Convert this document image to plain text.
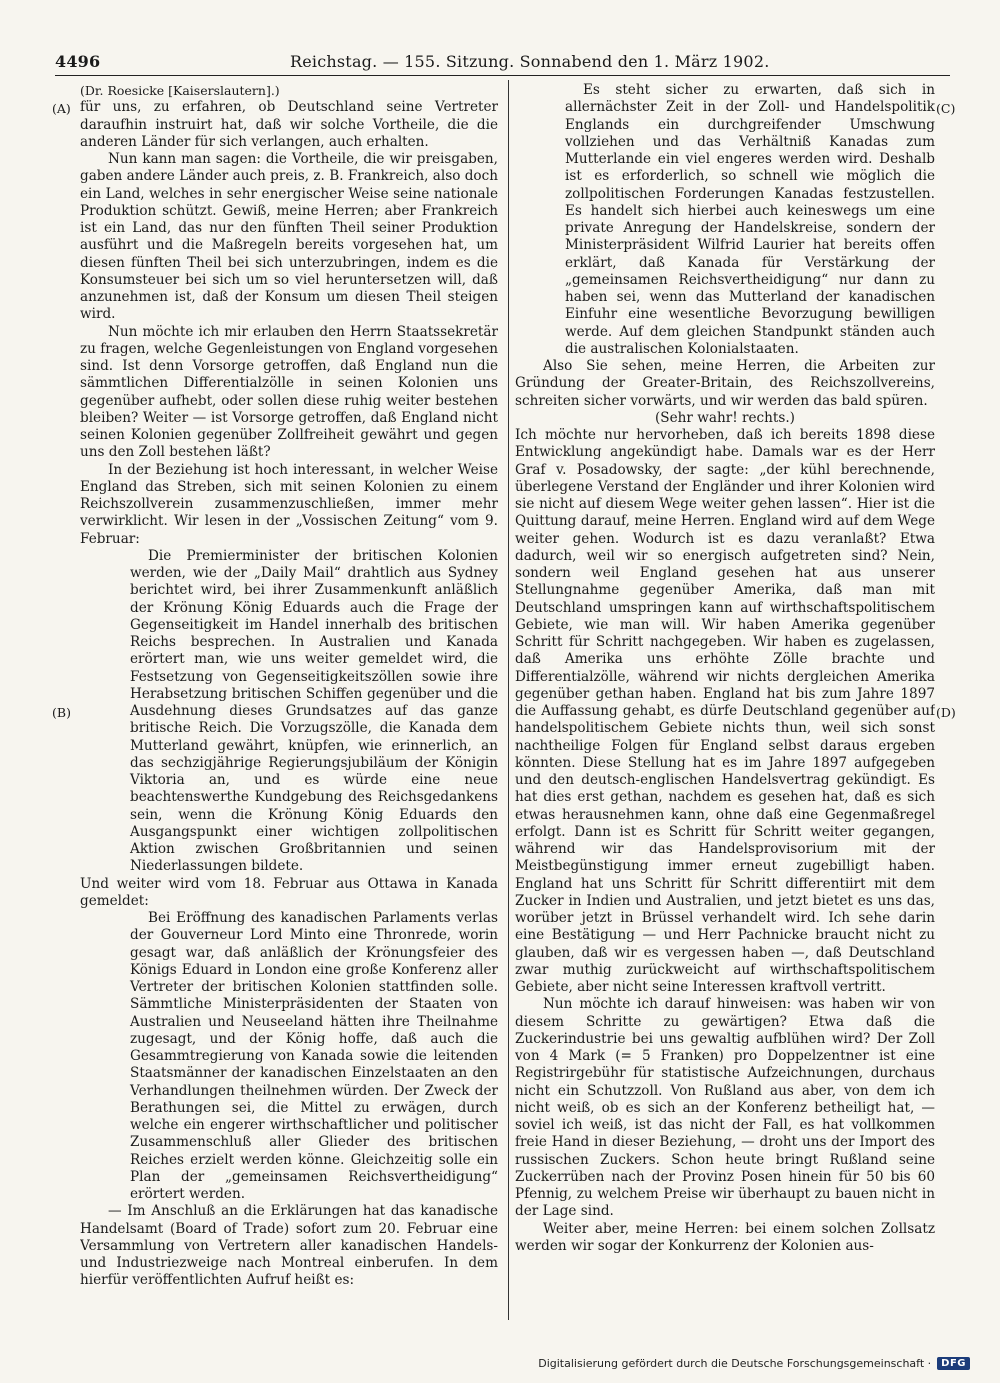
4496	Reichstag. — 155. Sitzung. Sonnabend den 1. März 1902.
(A)
(B)
(C)
(D)

(Dr. Roesicke [Kaiserslautern].)

für uns, zu erfahren, ob Deutschland seine Vertreter daraufhin instruirt hat, daß wir solche Vortheile, die die anderen Länder für sich verlangen, auch erhalten.

Nun kann man sagen: die Vortheile, die wir preisgaben, gaben andere Länder auch preis, z. B. Frankreich, also doch ein Land, welches in sehr energischer Weise seine nationale Produktion schützt. Gewiß, meine Herren; aber Frankreich ist ein Land, das nur den fünften Theil seiner Produktion ausführt und die Maßregeln bereits vorgesehen hat, um diesen fünften Theil bei sich unterzubringen, indem es die Konsumsteuer bei sich um so viel heruntersetzen will, daß anzunehmen ist, daß der Konsum um diesen Theil steigen wird.

Nun möchte ich mir erlauben den Herrn Staatssekretär zu fragen, welche Gegenleistungen von England vorgesehen sind. Ist denn Vorsorge getroffen, daß England nun die sämmtlichen Differentialzölle in seinen Kolonien uns gegenüber aufhebt, oder sollen diese ruhig weiter bestehen bleiben? Weiter — ist Vorsorge getroffen, daß England nicht seinen Kolonien gegenüber Zollfreiheit gewährt und gegen uns den Zoll bestehen läßt?

In der Beziehung ist hoch interessant, in welcher Weise England das Streben, sich mit seinen Kolonien zu einem Reichszollverein zusammenzuschließen, immer mehr verwirklicht. Wir lesen in der „Vossischen Zeitung“ vom 9. Februar:

Die Premierminister der britischen Kolonien werden, wie der „Daily Mail“ drahtlich aus Sydney berichtet wird, bei ihrer Zusammenkunft anläßlich der Krönung König Eduards auch die Frage der Gegenseitigkeit im Handel innerhalb des britischen Reichs besprechen. In Australien und Kanada erörtert man, wie uns weiter gemeldet wird, die Festsetzung von Gegenseitigkeitszöllen sowie ihre Herabsetzung britischen Schiffen gegenüber und die Ausdehnung dieses Grundsatzes auf das ganze britische Reich. Die Vorzugszölle, die Kanada dem Mutterland gewährt, knüpfen, wie erinnerlich, an das sechzigjährige Regierungsjubiläum der Königin Viktoria an, und es würde eine neue beachtenswerthe Kundgebung des Reichsgedankens sein, wenn die Krönung König Eduards den Ausgangspunkt einer wichtigen zollpolitischen Aktion zwischen Großbritannien und seinen Niederlassungen bildete.

Und weiter wird vom 18. Februar aus Ottawa in Kanada gemeldet:

Bei Eröffnung des kanadischen Parlaments verlas der Gouverneur Lord Minto eine Thronrede, worin gesagt war, daß anläßlich der Krönungsfeier des Königs Eduard in London eine große Konferenz aller Vertreter der britischen Kolonien stattfinden solle. Sämmtliche Ministerpräsidenten der Staaten von Australien und Neuseeland hätten ihre Theilnahme zugesagt, und der König hoffe, daß auch die Gesammtregierung von Kanada sowie die leitenden Staatsmänner der kanadischen Einzelstaaten an den Verhandlungen theilnehmen würden. Der Zweck der Berathungen sei, die Mittel zu erwägen, durch welche ein engerer wirthschaftlicher und politischer Zusammenschluß aller Glieder des britischen Reiches erzielt werden könne. Gleichzeitig solle ein Plan der „gemeinsamen Reichsvertheidigung“ erörtert werden.

— Im Anschluß an die Erklärungen hat das kanadische Handelsamt (Board of Trade) sofort zum 20. Februar eine Versammlung von Vertretern aller kanadischen Handels- und Industriezweige nach Montreal einberufen. In dem hierfür veröffentlichten Aufruf heißt es:

Es steht sicher zu erwarten, daß sich in allernächster Zeit in der Zoll- und Handelspolitik Englands ein durchgreifender Umschwung vollziehen und das Verhältniß Kanadas zum Mutterlande ein viel engeres werden wird. Deshalb ist es erforderlich, so schnell wie möglich die zollpolitischen Forderungen Kanadas festzustellen. Es handelt sich hierbei auch keineswegs um eine private Anregung der Handelskreise, sondern der Ministerpräsident Wilfrid Laurier hat bereits offen erklärt, daß Kanada für Verstärkung der „gemeinsamen Reichsvertheidigung“ nur dann zu haben sei, wenn das Mutterland der kanadischen Einfuhr eine wesentliche Bevorzugung bewilligen werde. Auf dem gleichen Standpunkt ständen auch die australischen Kolonialstaaten.

Also Sie sehen, meine Herren, die Arbeiten zur Gründung der Greater-Britain, des Reichszollvereins, schreiten sicher vorwärts, und wir werden das bald spüren.

(Sehr wahr! rechts.)

Ich möchte nur hervorheben, daß ich bereits 1898 diese Entwicklung angekündigt habe. Damals war es der Herr Graf v. Posadowsky, der sagte: „der kühl berechnende, überlegene Verstand der Engländer und ihrer Kolonien wird sie nicht auf diesem Wege weiter gehen lassen“. Hier ist die Quittung darauf, meine Herren. England wird auf dem Wege weiter gehen. Wodurch ist es dazu veranlaßt? Etwa dadurch, weil wir so energisch aufgetreten sind? Nein, sondern weil England gesehen hat aus unserer Stellungnahme gegenüber Amerika, daß man mit Deutschland umspringen kann auf wirthschaftspolitischem Gebiete, wie man will. Wir haben Amerika gegenüber Schritt für Schritt nachgegeben. Wir haben es zugelassen, daß Amerika uns erhöhte Zölle brachte und Differentialzölle, während wir nichts dergleichen Amerika gegenüber gethan haben. England hat bis zum Jahre 1897 die Auffassung gehabt, es dürfe Deutschland gegenüber auf handelspolitischem Gebiete nichts thun, weil sich sonst nachtheilige Folgen für England selbst daraus ergeben könnten. Diese Stellung hat es im Jahre 1897 aufgegeben und den deutsch-englischen Handelsvertrag gekündigt. Es hat dies erst gethan, nachdem es gesehen hat, daß es sich etwas herausnehmen kann, ohne daß eine Gegenmaßregel erfolgt. Dann ist es Schritt für Schritt weiter gegangen, während wir das Handelsprovisorium mit der Meistbegünstigung immer erneut zugebilligt haben. England hat uns Schritt für Schritt differentiirt mit dem Zucker in Indien und Australien, und jetzt bietet es uns das, worüber jetzt in Brüssel verhandelt wird. Ich sehe darin eine Bestätigung — und Herr Pachnicke braucht nicht zu glauben, daß wir es vergessen haben —, daß Deutschland zwar muthig zurückweicht auf wirthschaftspolitischem Gebiete, aber nicht seine Interessen kraftvoll vertritt.

Nun möchte ich darauf hinweisen: was haben wir von diesem Schritte zu gewärtigen? Etwa daß die Zuckerindustrie bei uns gewaltig aufblühen wird? Der Zoll von 4 Mark (= 5 Franken) pro Doppelzentner ist eine Registrirgebühr für statistische Aufzeichnungen, durchaus nicht ein Schutzzoll. Von Rußland aus aber, von dem ich nicht weiß, ob es sich an der Konferenz betheiligt hat, — soviel ich weiß, ist das nicht der Fall, es hat vollkommen freie Hand in dieser Beziehung, — droht uns der Import des russischen Zuckers. Schon heute bringt Rußland seine Zuckerrüben nach der Provinz Posen hinein für 50 bis 60 Pfennig, zu welchem Preise wir überhaupt zu bauen nicht in der Lage sind.

Weiter aber, meine Herren: bei einem solchen Zollsatz werden wir sogar der Konkurrenz der Kolonien aus-

Digitalisierung gefördert durch die Deutsche Forschungsgemeinschaft ·	DFG
